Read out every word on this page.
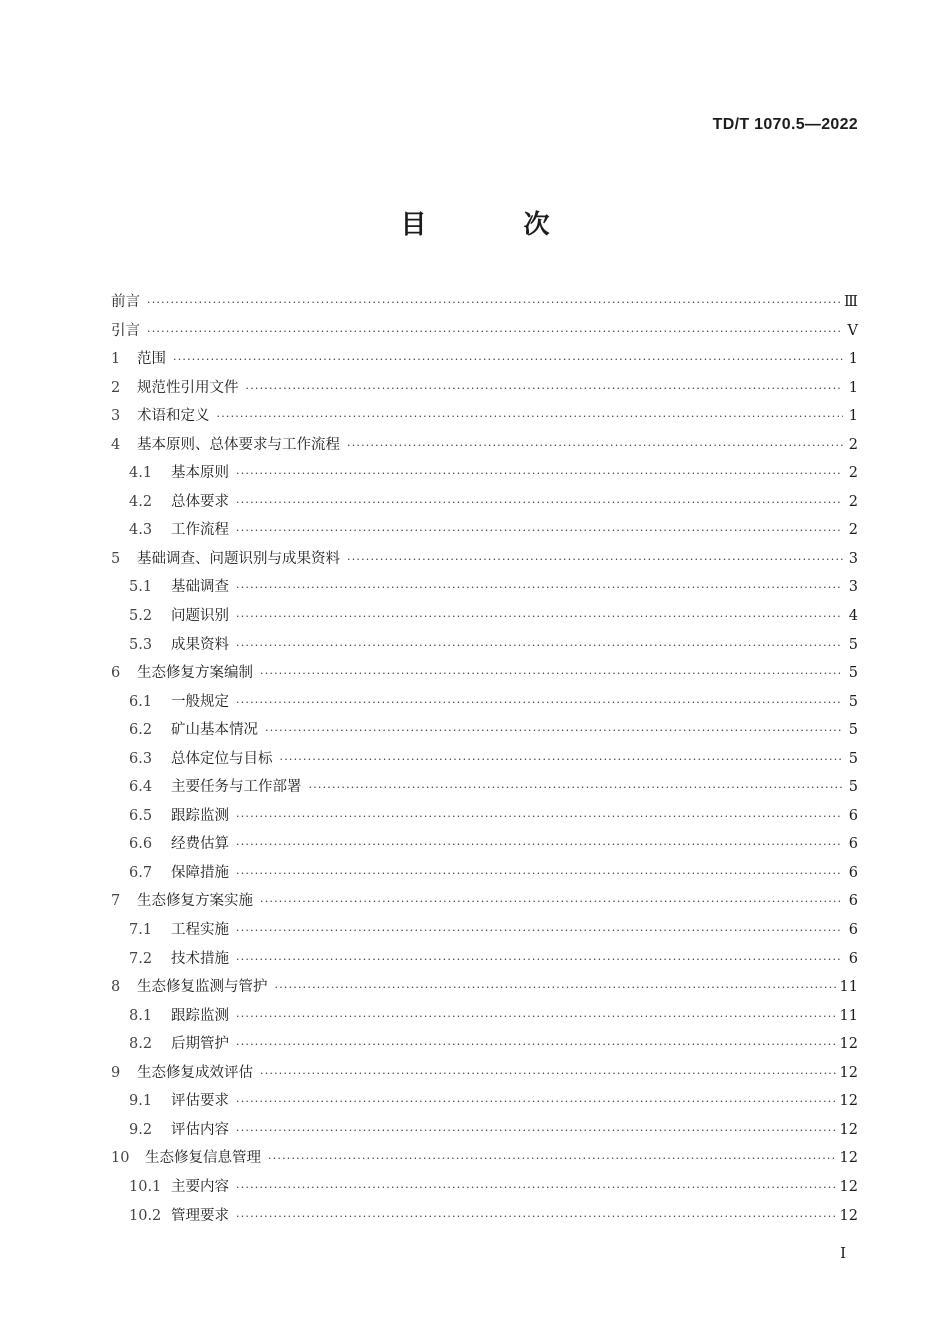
TD/T 1070.5—2022
目 次
前言 ·····	Ⅲ
引言 ·····	Ⅴ
1	范围 ·····	1
2	规范性引用文件 ·····	1
3	术语和定义 ·····	1
4	基本原则、总体要求与工作流程 ·····	2
4.1	基本原则 ·····	2
4.2	总体要求 ·····	2
4.3	工作流程 ·····	2
5	基础调查、问题识别与成果资料 ·····	3
5.1	基础调查 ·····	3
5.2	问题识别 ·····	4
5.3	成果资料 ·····	5
6	生态修复方案编制 ·····	5
6.1	一般规定 ·····	5
6.2	矿山基本情况 ·····	5
6.3	总体定位与目标 ·····	5
6.4	主要任务与工作部署 ·····	5
6.5	跟踪监测 ·····	6
6.6	经费估算 ·····	6
6.7	保障措施 ·····	6
7	生态修复方案实施 ·····	6
7.1	工程实施 ·····	6
7.2	技术措施 ·····	6
8	生态修复监测与管护 ·····	11
8.1	跟踪监测 ·····	11
8.2	后期管护 ·····	12
9	生态修复成效评估 ·····	12
9.1	评估要求 ·····	12
9.2	评估内容 ·····	12
10	生态修复信息管理 ·····	12
10.1 主要内容 ·····	12
10.2 管理要求 ·····	12
Ⅰ
